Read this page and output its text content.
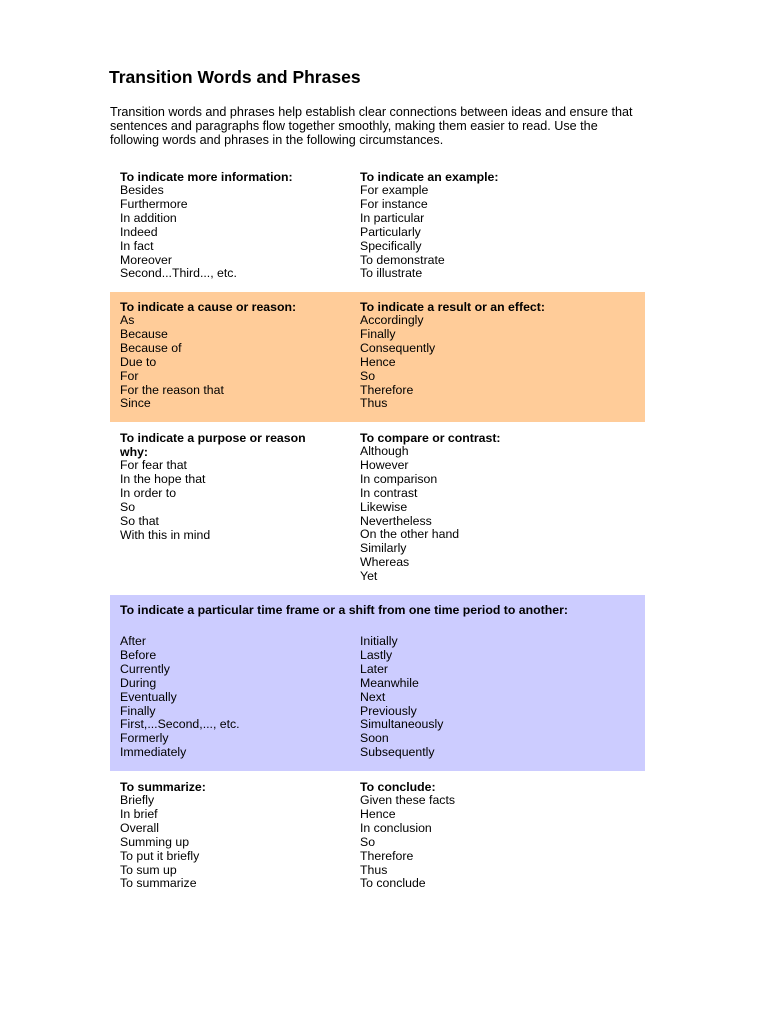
Transition Words and Phrases

Transition words and phrases help establish clear connections between ideas and ensure that sentences and paragraphs flow together smoothly, making them easier to read. Use the following words and phrases in the following circumstances.

To indicate more information:
Besides
Furthermore
In addition
Indeed
In fact
Moreover
Second...Third..., etc.
To indicate an example:
For example
For instance
In particular
Particularly
Specifically
To demonstrate
To illustrate
To indicate a cause or reason:
As
Because
Because of
Due to
For
For the reason that
Since
To indicate a result or an effect:
Accordingly
Finally
Consequently
Hence
So
Therefore
Thus
To indicate a purpose or reason why:
For fear that
In the hope that
In order to
So
So that
With this in mind
To compare or contrast:
Although
However
In comparison
In contrast
Likewise
Nevertheless
On the other hand
Similarly
Whereas
Yet
To indicate a particular time frame or a shift from one time period to another:
After
Before
Currently
During
Eventually
Finally
First,...Second,..., etc.
Formerly
Immediately
Initially
Lastly
Later
Meanwhile
Next
Previously
Simultaneously
Soon
Subsequently
To summarize:
Briefly
In brief
Overall
Summing up
To put it briefly
To sum up
To summarize
To conclude:
Given these facts
Hence
In conclusion
So
Therefore
Thus
To conclude
